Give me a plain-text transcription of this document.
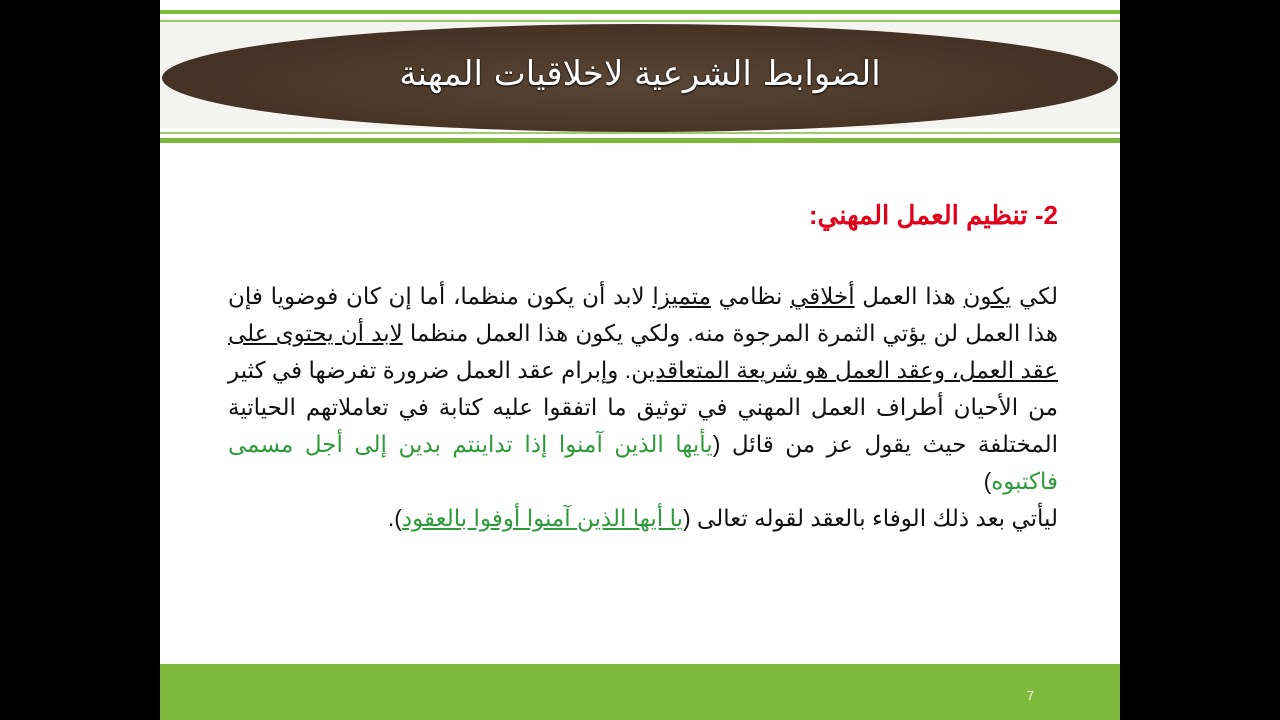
الضوابط الشرعية لاخلاقيات المهنة
2- تنظيم العمل المهني:

لكي يكون هذا العمل أخلاقي نظامي متميزا لابد أن يكون منظما، أما إن كان فوضويا فإن هذا العمل لن يؤتي الثمرة المرجوة منه. ولكي يكون هذا العمل منظما لابد أن يحتوى على عقد العمل، وعقد العمل هو شريعة المتعاقدين. وإبرام عقد العمل ضرورة تفرضها في كثير من الأحيان أطراف العمل المهني في توثيق ما اتفقوا عليه كتابة في تعاملاتهم الحياتية المختلفة حيث يقول عز من قائل (يأيها الذين آمنوا إذا تداينتم بدين إلى أجل مسمى فاكتبوه)

ليأتي بعد ذلك الوفاء بالعقد لقوله تعالى (يا أيها الذين آمنوا أوفوا بالعقود).

7
